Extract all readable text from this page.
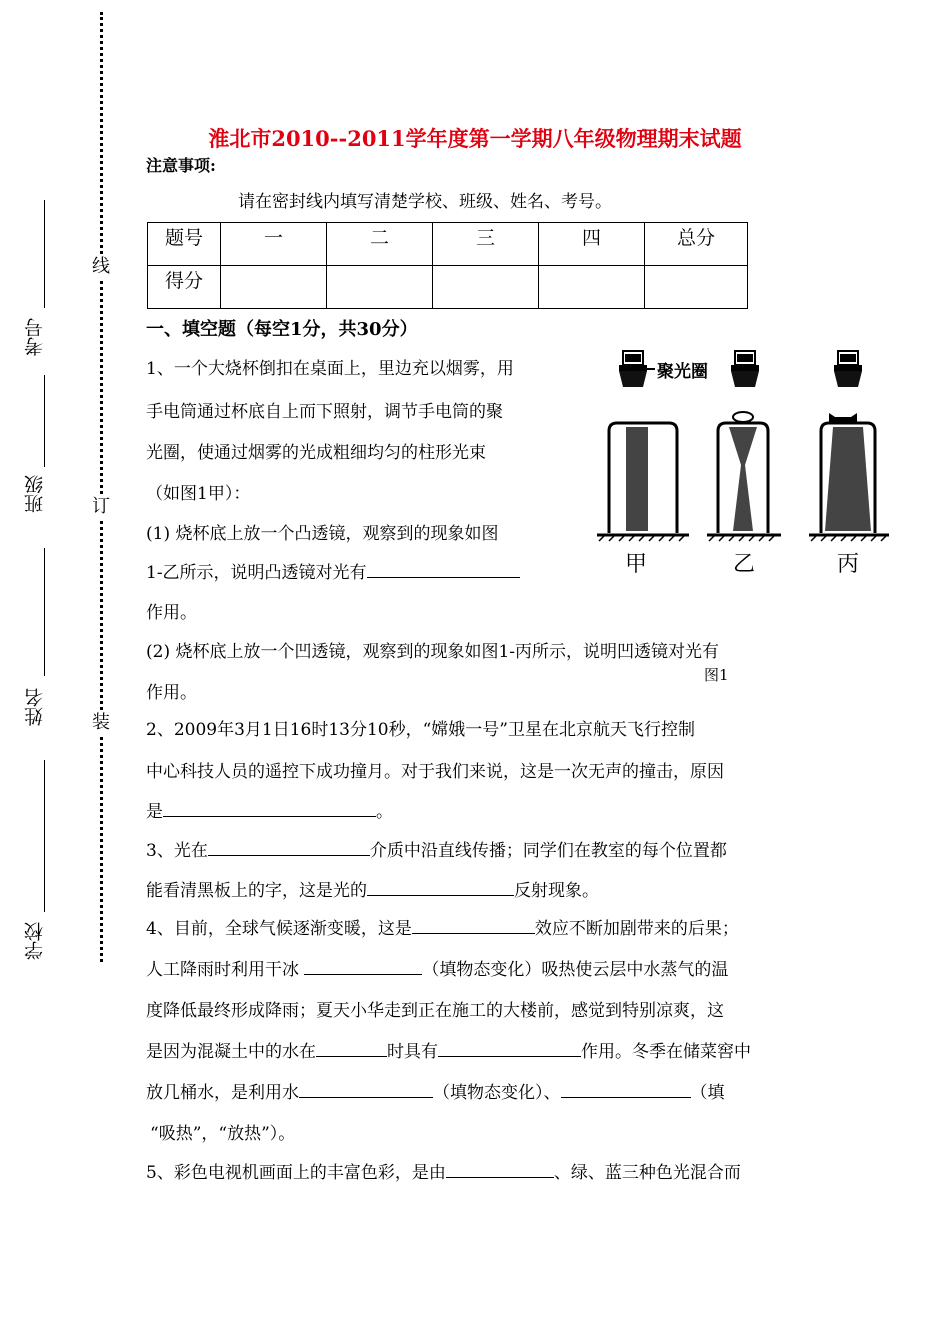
考号
班级
姓名
学校
线
订
装
淮北市2010--2011学年度第一学期八年级物理期末试题
注意事项:
请在密封线内填写清楚学校、班级、姓名、考号。
题号	一	二	三	四	总分
得分					
一、填空题（每空1分，共30分）
聚光圈
甲	乙	丙
图1
1、一个大烧杯倒扣在桌面上，里边充以烟雾，用
手电筒通过杯底自上而下照射，调节手电筒的聚
光圈，使通过烟雾的光成粗细均匀的柱形光束
（如图1甲）：
(1) 烧杯底上放一个凸透镜，观察到的现象如图
1-乙所示，说明凸透镜对光有
作用。
(2) 烧杯底上放一个凹透镜，观察到的现象如图1-丙所示，说明凹透镜对光有
作用。
2、2009年3月1日16时13分10秒，“嫦娥一号”卫星在北京航天飞行控制
中心科技人员的遥控下成功撞月。对于我们来说，这是一次无声的撞击，原因
是	。
3、光在	介质中沿直线传播；同学们在教室的每个位置都
能看清黑板上的字，这是光的	反射现象。
4、目前，全球气候逐渐变暖，这是	效应不断加剧带来的后果；
人工降雨时利用干冰	（填物态变化）吸热使云层中水蒸气的温
度降低最终形成降雨；夏天小华走到正在施工的大楼前，感觉到特别凉爽，这
是因为混凝土中的水在	时具有	作用。冬季在储菜窖中
放几桶水，是利用水	（填物态变化）、	（填
“吸热”，“放热”）。
5、彩色电视机画面上的丰富色彩，是由	、绿、蓝三种色光混合而
